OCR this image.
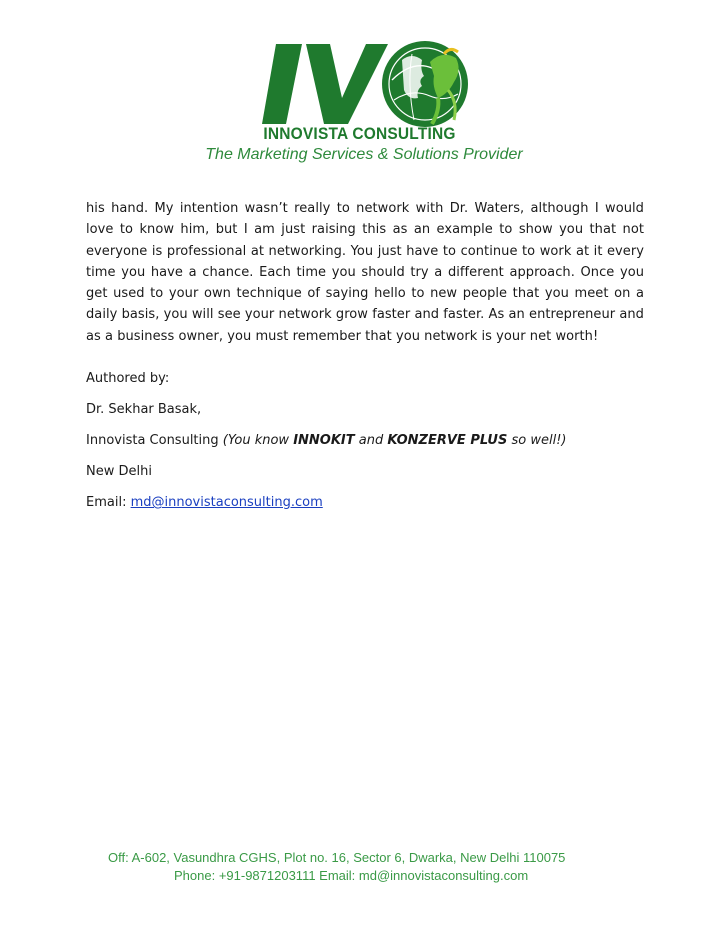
INNOVISTA CONSULTING
The Marketing Services & Solutions Provider

his hand. My intention wasn’t really to network with Dr. Waters, although I would love to know him, but I am just raising this as an example to show you that not everyone is professional at networking. You just have to continue to work at it every time you have a chance. Each time you should try a different approach. Once you get used to your own technique of saying hello to new people that you meet on a daily basis, you will see your network grow faster and faster. As an entrepreneur and as a business owner, you must remember that you network is your net worth!

Authored by:

Dr. Sekhar Basak,

Innovista Consulting (You know INNOKIT and KONZERVE PLUS so well!)

New Delhi

Email: md@innovistaconsulting.com

Off: A-602, Vasundhra CGHS, Plot no. 16, Sector 6, Dwarka, New Delhi 110075
Phone: +91-9871203111 Email: md@innovistaconsulting.com
